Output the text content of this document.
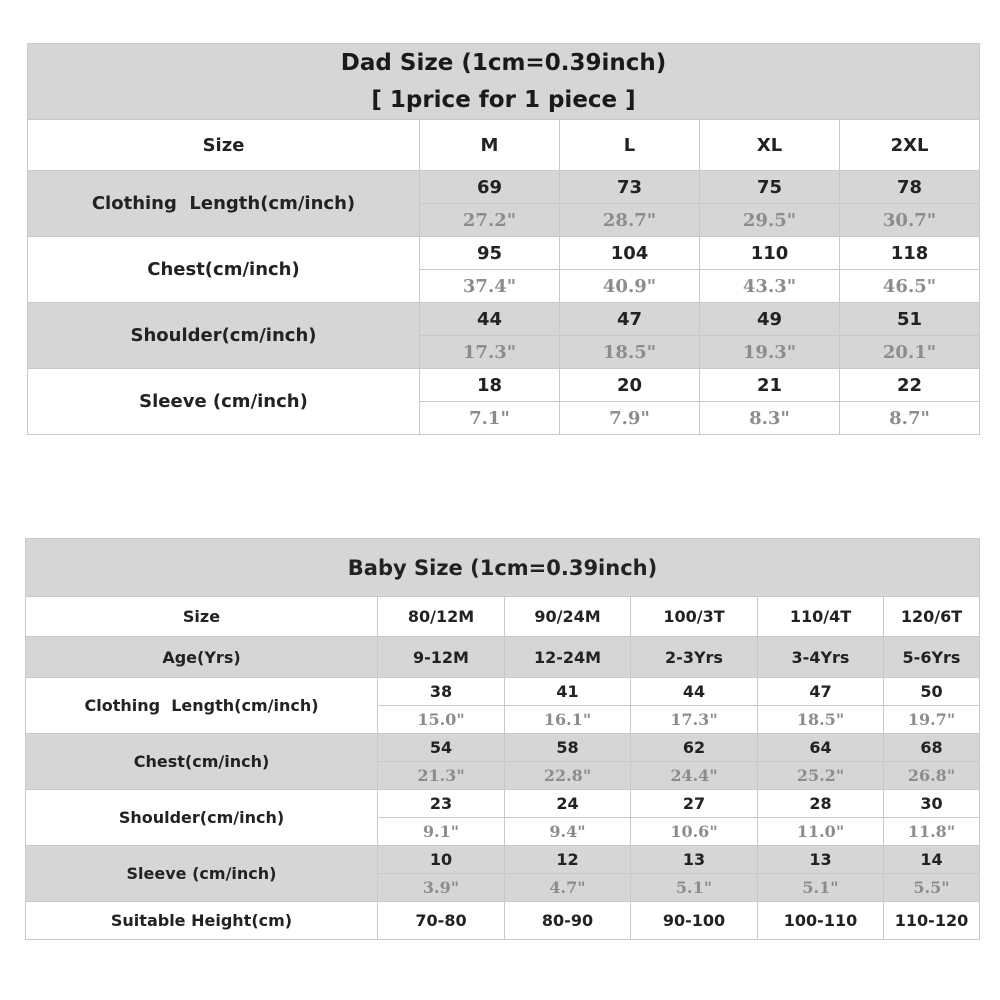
Dad Size (1cm=0.39inch)
[ 1price for 1 piece ]				

Size	M	L	XL	2XL
Clothing  Length(cm/inch)	69	73	75	78
	27.2"	28.7"	29.5"	30.7"
Chest(cm/inch)	95	104	110	118
	37.4"	40.9"	43.3"	46.5"
Shoulder(cm/inch)	44	47	49	51
	17.3"	18.5"	19.3"	20.1"
Sleeve (cm/inch)	18	20	21	22
	7.1"	7.9"	8.3"	8.7"
Baby Size (1cm=0.39inch)					
Size	80/12M	90/24M	100/3T	110/4T	120/6T
Age(Yrs)	9-12M	12-24M	2-3Yrs	3-4Yrs	5-6Yrs
Clothing  Length(cm/inch)	38	41	44	47	50
	15.0"	16.1"	17.3"	18.5"	19.7"
Chest(cm/inch)	54	58	62	64	68
	21.3"	22.8"	24.4"	25.2"	26.8"
Shoulder(cm/inch)	23	24	27	28	30
	9.1"	9.4"	10.6"	11.0"	11.8"
Sleeve (cm/inch)	10	12	13	13	14
	3.9"	4.7"	5.1"	5.1"	5.5"
Suitable Height(cm)	70-80	80-90	90-100	100-110	110-120
